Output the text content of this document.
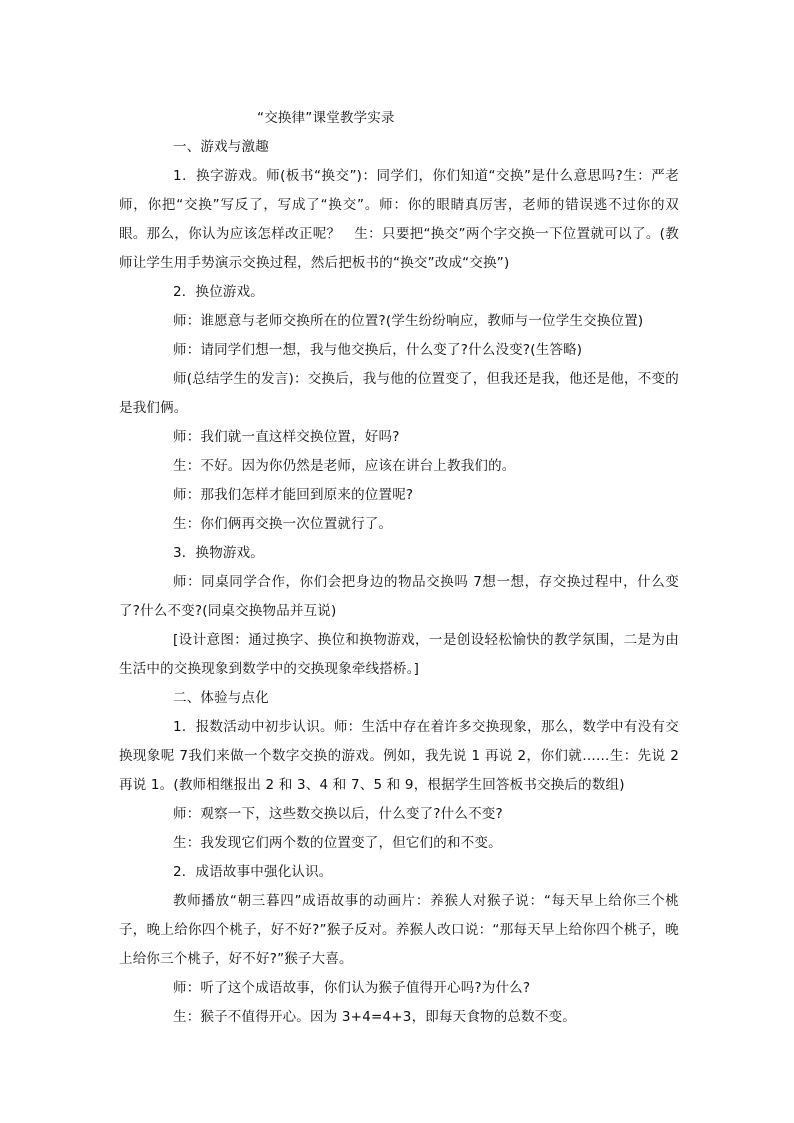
“交换律”课堂教学实录

一、游戏与激趣

1．换字游戏。师(板书“换交”)：同学们，你们知道“交换”是什么意思吗?生：严老师，你把“交换”写反了，写成了“换交”。师：你的眼睛真厉害，老师的错误逃不过你的双眼。那么，你认为应该怎样改正呢？　生：只要把“换交”两个字交换一下位置就可以了。(教师让学生用手势演示交换过程，然后把板书的“换交”改成“交换”)

2．换位游戏。

师：谁愿意与老师交换所在的位置?(学生纷纷响应，教师与一位学生交换位置)

师：请同学们想一想，我与他交换后，什么变了?什么没变?(生答略)

师(总结学生的发言)：交换后，我与他的位置变了，但我还是我，他还是他，不变的是我们俩。

师：我们就一直这样交换位置，好吗?

生：不好。因为你仍然是老师，应该在讲台上教我们的。

师：那我们怎样才能回到原来的位置呢?

生：你们俩再交换一次位置就行了。

3．换物游戏。

师：同桌同学合作，你们会把身边的物品交换吗 7想一想，存交换过程中，什么变了?什么不变?(同桌交换物品并互说)

[设计意图：通过换字、换位和换物游戏，一是创设轻松愉快的教学氛围，二是为由生活中的交换现象到数学中的交换现象牵线搭桥。]

二、体验与点化

1．报数活动中初步认识。师：生活中存在着许多交换现象，那么，数学中有没有交换现象呢 7我们来做一个数字交换的游戏。例如，我先说 1 再说 2，你们就……生：先说 2 再说 1。(教师相继报出 2 和 3、4 和 7、5 和 9，根据学生回答板书交换后的数组)

师：观察一下，这些数交换以后，什么变了?什么不变?

生：我发现它们两个数的位置变了，但它们的和不变。

2．成语故事中强化认识。

教师播放“朝三暮四”成语故事的动画片：养猴人对猴子说：“每天早上给你三个桃子，晚上给你四个桃子，好不好?”猴子反对。养猴人改口说：“那每天早上给你四个桃子，晚上给你三个桃子，好不好?”猴子大喜。

师：听了这个成语故事，你们认为猴子值得开心吗?为什么?

生：猴子不值得开心。因为 3+4=4+3，即每天食物的总数不变。
